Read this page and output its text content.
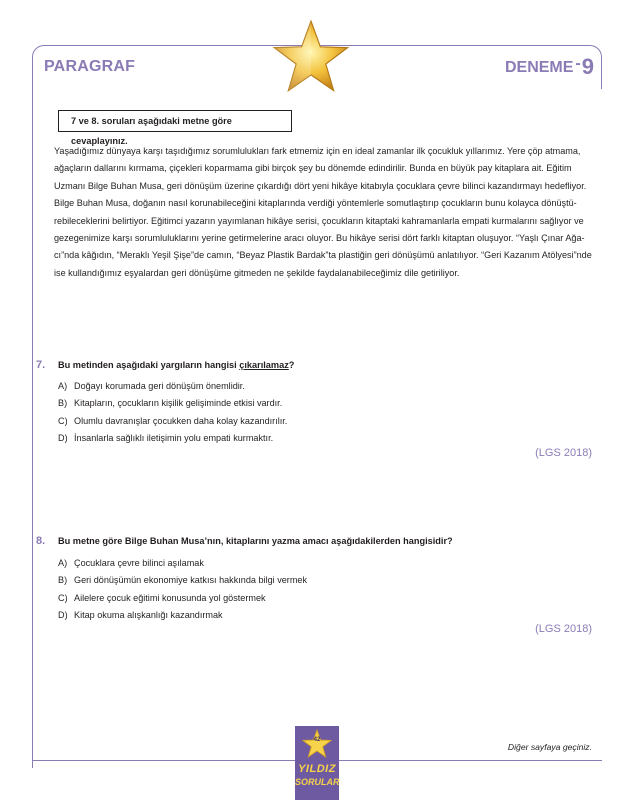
PARAGRAF	DENEME -9
7 ve 8. soruları aşağıdaki metne göre cevaplayınız.
Yaşadığımız dünyaya karşı taşıdığımız sorumlulukları fark etmemiz için en ideal zamanlar ilk çocukluk yıllarımız. Yere çöp atmama,
ağaçların dallarını kırmama, çiçekleri koparmama gibi birçok şey bu dönemde edindirilir. Bunda en büyük pay kitaplara ait. Eğitim
Uzmanı Bilge Buhan Musa, geri dönüşüm üzerine çıkardığı dört yeni hikâye kitabıyla çocuklara çevre bilinci kazandırmayı hedefliyor.
Bilge Buhan Musa, doğanın nasıl korunabileceğini kitaplarında verdiği yöntemlerle somutlaştırıp çocukların bunu kolayca dönüştü-
rebileceklerini belirtiyor. Eğitimci yazarın yayımlanan hikâye serisi, çocukların kitaptaki kahramanlarla empati kurmalarını sağlıyor ve
gezegenimize karşı sorumluluklarını yerine getirmelerine aracı oluyor. Bu hikâye serisi dört farklı kitaptan oluşuyor. “Yaşlı Çınar Ağa-
cı”nda kâğıdın, “Meraklı Yeşil Şişe”de camın, “Beyaz Plastik Bardak”ta plastiğin geri dönüşümü anlatılıyor. “Geri Kazanım Atölyesi”nde
ise kullandığımız eşyalardan geri dönüşüme gitmeden ne şekilde faydalanabileceğimiz dile getiriliyor.
7. Bu metinden aşağıdaki yargıların hangisi çıkarılamaz?
A) Doğayı korumada geri dönüşüm önemlidir.
B) Kitapların, çocukların kişilik gelişiminde etkisi vardır.
C) Olumlu davranışlar çocukken daha kolay kazandırılır.
D) İnsanlarla sağlıklı iletişimin yolu empati kurmaktır.
(LGS 2018)
8. Bu metne göre Bilge Buhan Musa’nın, kitaplarını yazma amacı aşağıdakilerden hangisidir?
A) Çocuklara çevre bilinci aşılamak
B) Geri dönüşümün ekonomiye katkısı hakkında bilgi vermek
C) Ailelere çocuk eğitimi konusunda yol göstermek
D) Kitap okuma alışkanlığı kazandırmak
(LGS 2018)
Diğer sayfaya geçiniz.
42
YILDIZ
SORULAR
